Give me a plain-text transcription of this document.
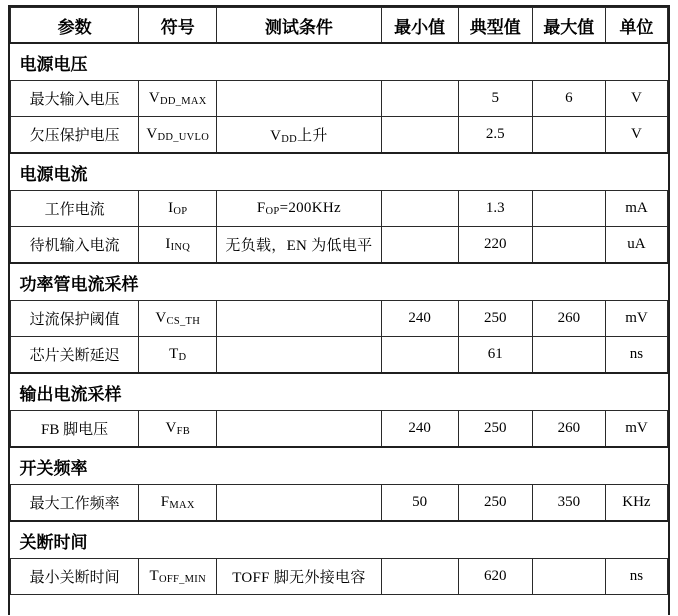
参数	符号	测试条件	最小值	典型值	最大值	单位
电源电压						
最大输入电压	$V_{DD\_MAX}$			5	6	V
欠压保护电压	$V_{DD\_UVLO}$	$V_{DD}$上升		2.5		V
电源电流						
工作电流	$I_{OP}$	$F_{OP}=200KHz$		1.3		mA
待机输入电流	$I_{INQ}$	无负载，EN 为低电平		220		uA
功率管电流采样						
过流保护阈值	$V_{CS\_TH}$		240	250	260	mV
芯片关断延迟	$T_D$			61		ns
输出电流采样						
FB 脚电压	$V_{FB}$		240	250	260	mV
开关频率						
最大工作频率	$F_{MAX}$		50	250	350	KHz
关断时间						
最小关断时间	$T_{OFF\_MIN}$	TOFF 脚无外接电容		620		ns
